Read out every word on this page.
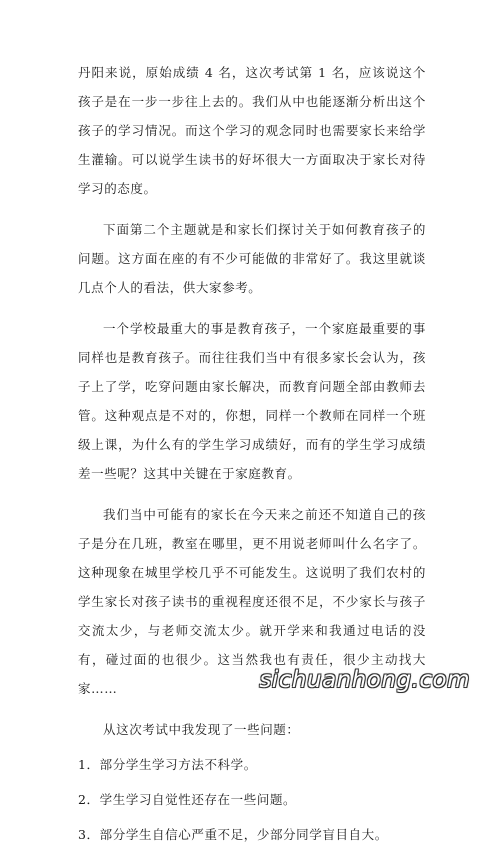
丹阳来说，原始成绩 4 名，这次考试第 1 名，应该说这个孩子是在一步一步往上去的。我们从中也能逐渐分析出这个孩子的学习情况。而这个学习的观念同时也需要家长来给学生灌输。可以说学生读书的好坏很大一方面取决于家长对待学习的态度。

下面第二个主题就是和家长们探讨关于如何教育孩子的问题。这方面在座的有不少可能做的非常好了。我这里就谈几点个人的看法，供大家参考。

一个学校最重大的事是教育孩子，一个家庭最重要的事同样也是教育孩子。而往往我们当中有很多家长会认为，孩子上了学，吃穿问题由家长解决，而教育问题全部由教师去管。这种观点是不对的，你想，同样一个教师在同样一个班级上课，为什么有的学生学习成绩好，而有的学生学习成绩差一些呢？这其中关键在于家庭教育。

我们当中可能有的家长在今天来之前还不知道自己的孩子是分在几班，教室在哪里，更不用说老师叫什么名字了。这种现象在城里学校几乎不可能发生。这说明了我们农村的学生家长对孩子读书的重视程度还很不足，不少家长与孩子交流太少，与老师交流太少。就开学来和我通过电话的没有，碰过面的也很少。这当然我也有责任，很少主动找大家……

从这次考试中我发现了一些问题：

1．部分学生学习方法不科学。

2．学生学习自觉性还存在一些问题。

3．部分学生自信心严重不足，少部分同学盲目自大。

sichuanhong.com
